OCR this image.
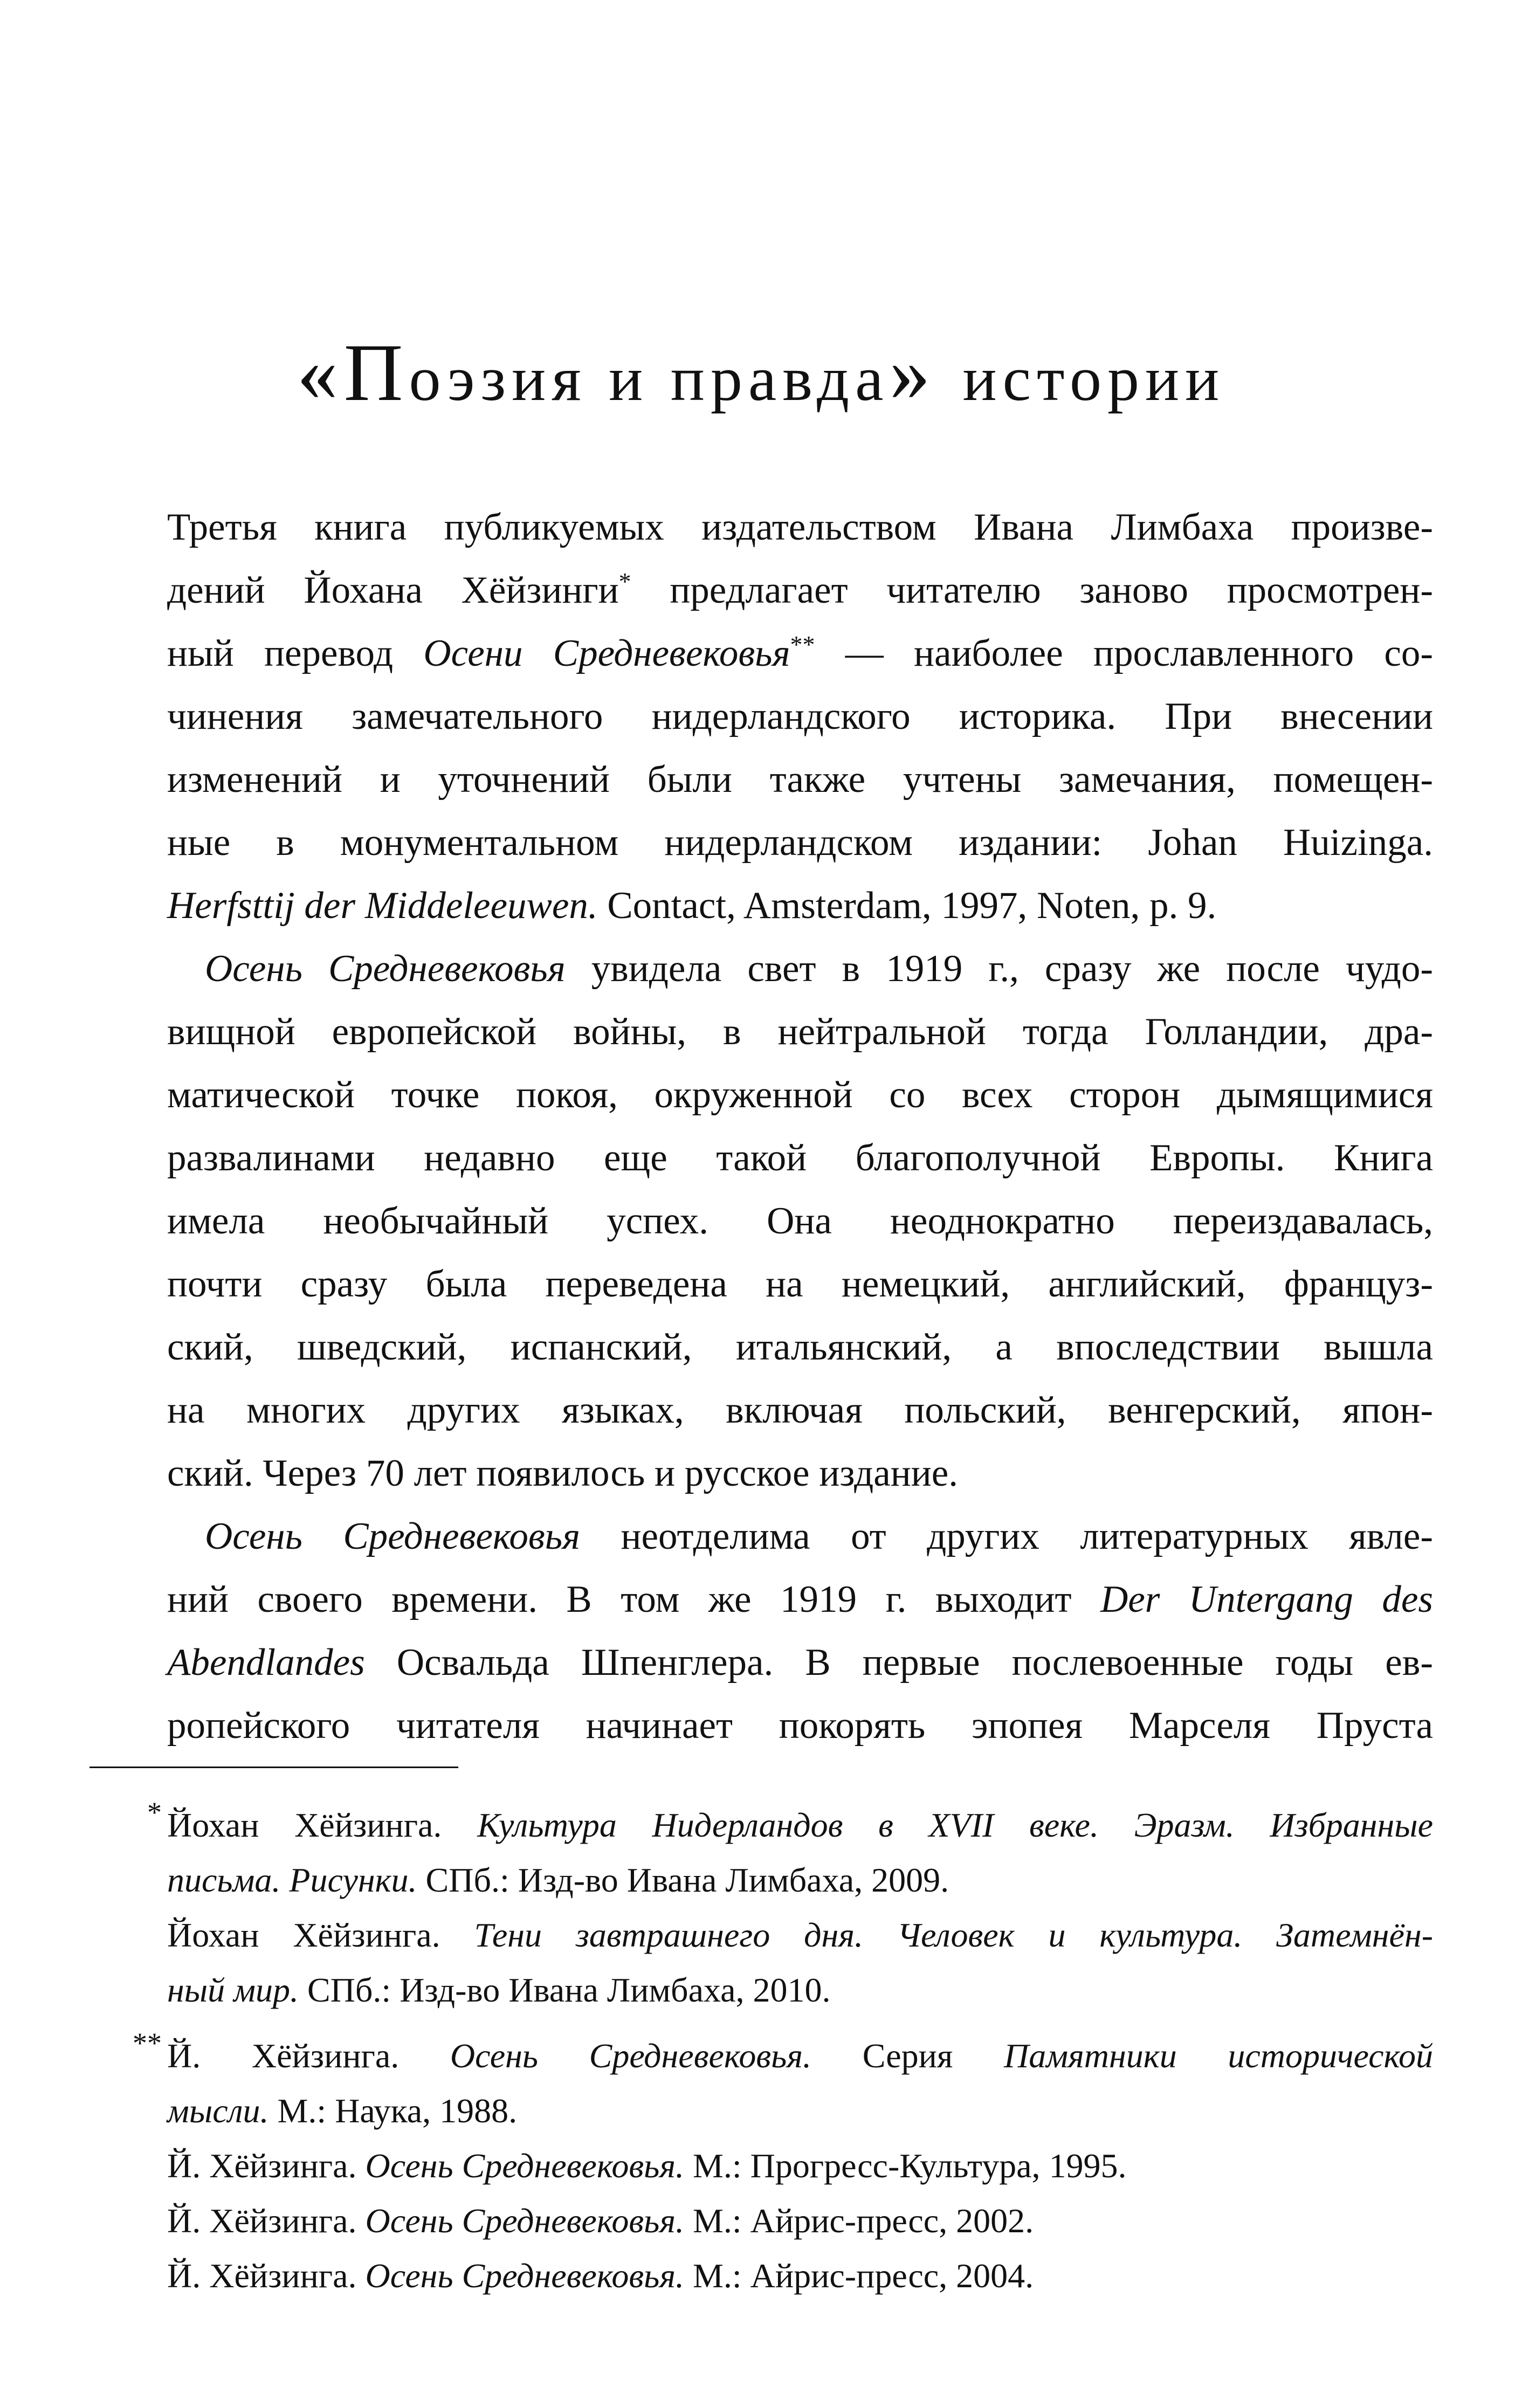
«Поэзия и правда» истории
Третья книга публикуемых издательством Ивана Лимбаха произве-
дений Йохана Хёйзинги* предлагает читателю заново просмотрен-
ный перевод Осени Средневековья** — наиболее прославленного со-
чинения замечательного нидерландского историка. При внесении
изменений и уточнений были также учтены замечания, помещен-
ные в монументальном нидерландском издании: Johan Huizinga.
Herfsttij der Middeleeuwen. Contact, Amsterdam, 1997, Noten, p. 9.
Осень Средневековья увидела свет в 1919 г., сразу же после чудо-
вищной европейской войны, в нейтральной тогда Голландии, дра-
матической точке покоя, окруженной со всех сторон дымящимися
развалинами недавно еще такой благополучной Европы. Книга
имела необычайный успех. Она неоднократно переиздавалась,
почти сразу была переведена на немецкий, английский, француз-
ский, шведский, испанский, итальянский, а впоследствии вышла
на многих других языках, включая польский, венгерский, япон-
ский. Через 70 лет появилось и русское издание.
Осень Средневековья неотделима от других литературных явле-
ний своего времени. В том же 1919 г. выходит Der Untergang des
Abendlandes Освальда Шпенглера. В первые послевоенные годы ев-
ропейского читателя начинает покорять эпопея Марселя Пруста
* Йохан Хёйзинга. Культура Нидерландов в XVII веке. Эразм. Избранные
письма. Рисунки. СПб.: Изд-во Ивана Лимбаха, 2009.
Йохан Хёйзинга. Тени завтрашнего дня. Человек и культура. Затемнён-
ный мир. СПб.: Изд-во Ивана Лимбаха, 2010.
** Й. Хёйзинга. Осень Средневековья. Серия Памятники исторической
мысли. М.: Наука, 1988.
Й. Хёйзинга. Осень Средневековья. М.: Прогресс-Культура, 1995.
Й. Хёйзинга. Осень Средневековья. М.: Айрис-пресс, 2002.
Й. Хёйзинга. Осень Средневековья. М.: Айрис-пресс, 2004.
